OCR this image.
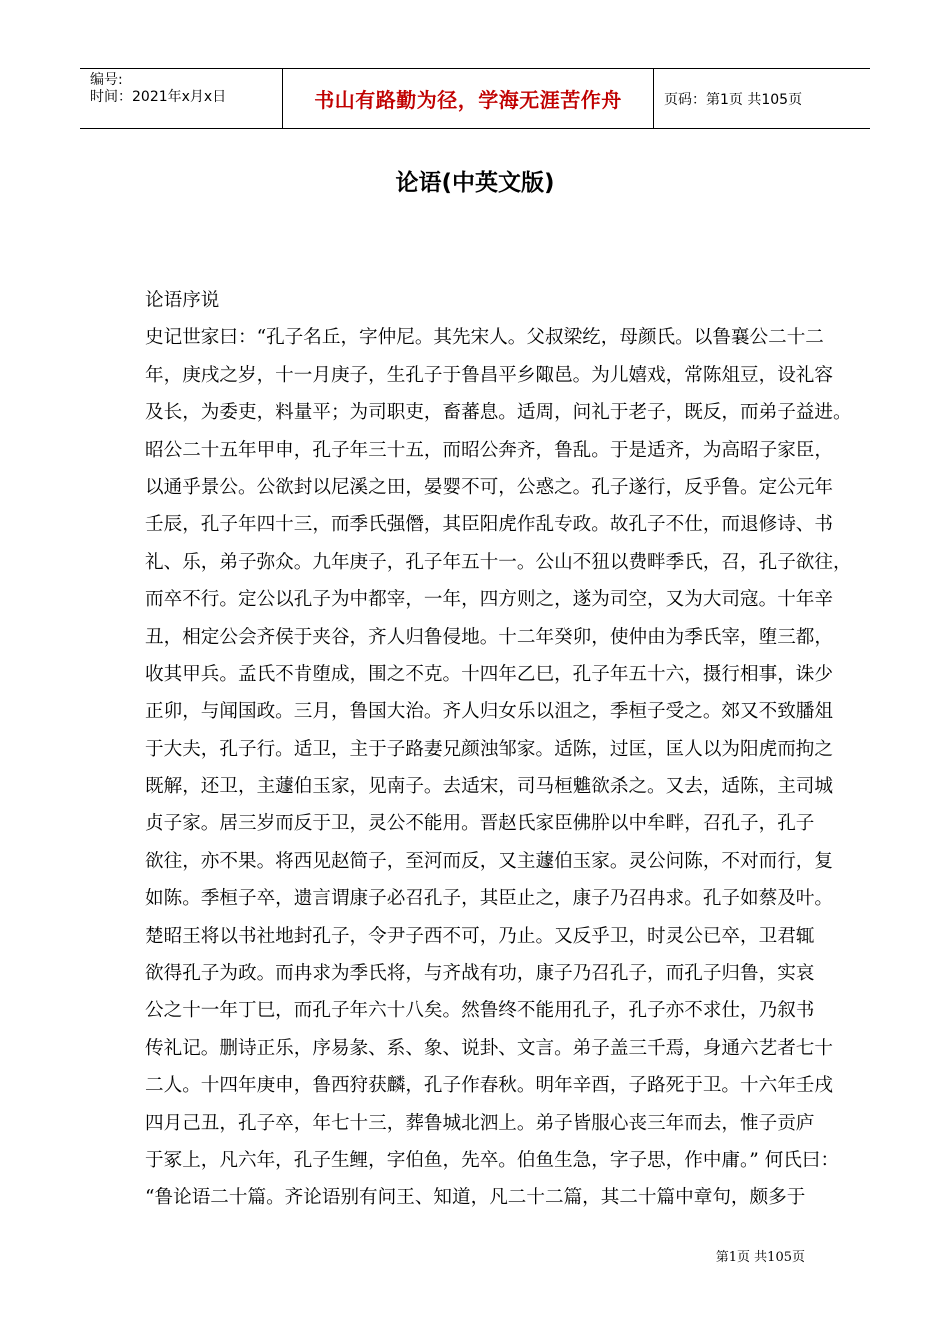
编号:
时间：2021年x月x日	书山有路勤为径，学海无涯苦作舟	页码：第1页 共105页
论语(中英文版)
论语序说
史记世家曰：“孔子名丘，字仲尼。其先宋人。父叔梁纥，母颜氏。以鲁襄公二十二
年，庚戌之岁，十一月庚子，生孔子于鲁昌平乡陬邑。为儿嬉戏，常陈俎豆，设礼容
及长，为委吏，料量平；为司职吏，畜蕃息。适周，问礼于老子，既反，而弟子益进。
昭公二十五年甲申，孔子年三十五，而昭公奔齐，鲁乱。于是适齐，为高昭子家臣，
以通乎景公。公欲封以尼溪之田，晏婴不可，公惑之。孔子遂行，反乎鲁。定公元年
壬辰，孔子年四十三，而季氏强僭，其臣阳虎作乱专政。故孔子不仕，而退修诗、书
礼、乐，弟子弥众。九年庚子，孔子年五十一。公山不狃以费畔季氏，召，孔子欲往，
而卒不行。定公以孔子为中都宰，一年，四方则之，遂为司空，又为大司寇。十年辛
丑，相定公会齐侯于夹谷，齐人归鲁侵地。十二年癸卯，使仲由为季氏宰，堕三都，
收其甲兵。孟氏不肯堕成，围之不克。十四年乙巳，孔子年五十六，摄行相事，诛少
正卯，与闻国政。三月，鲁国大治。齐人归女乐以沮之，季桓子受之。郊又不致膰俎
于大夫，孔子行。适卫，主于子路妻兄颜浊邹家。适陈，过匡，匡人以为阳虎而拘之
既解，还卫，主蘧伯玉家，见南子。去适宋，司马桓魋欲杀之。又去，适陈，主司城
贞子家。居三岁而反于卫，灵公不能用。晋赵氏家臣佛肸以中牟畔，召孔子，孔子
欲往，亦不果。将西见赵简子，至河而反，又主蘧伯玉家。灵公问陈，不对而行，复
如陈。季桓子卒，遗言谓康子必召孔子，其臣止之，康子乃召冉求。孔子如蔡及叶。
楚昭王将以书社地封孔子，令尹子西不可，乃止。又反乎卫，时灵公已卒，卫君辄
欲得孔子为政。而冉求为季氏将，与齐战有功，康子乃召孔子，而孔子归鲁，实哀
公之十一年丁巳，而孔子年六十八矣。然鲁终不能用孔子，孔子亦不求仕，乃叙书
传礼记。删诗正乐，序易彖、系、象、说卦、文言。弟子盖三千焉，身通六艺者七十
二人。十四年庚申，鲁西狩获麟，孔子作春秋。明年辛酉，子路死于卫。十六年壬戌
四月己丑，孔子卒，年七十三，葬鲁城北泗上。弟子皆服心丧三年而去，惟子贡庐
于冢上，凡六年，孔子生鲤，字伯鱼，先卒。伯鱼生急，字子思，作中庸。” 何氏曰：
“鲁论语二十篇。齐论语别有问王、知道，凡二十二篇，其二十篇中章句，颇多于
第1页 共105页
